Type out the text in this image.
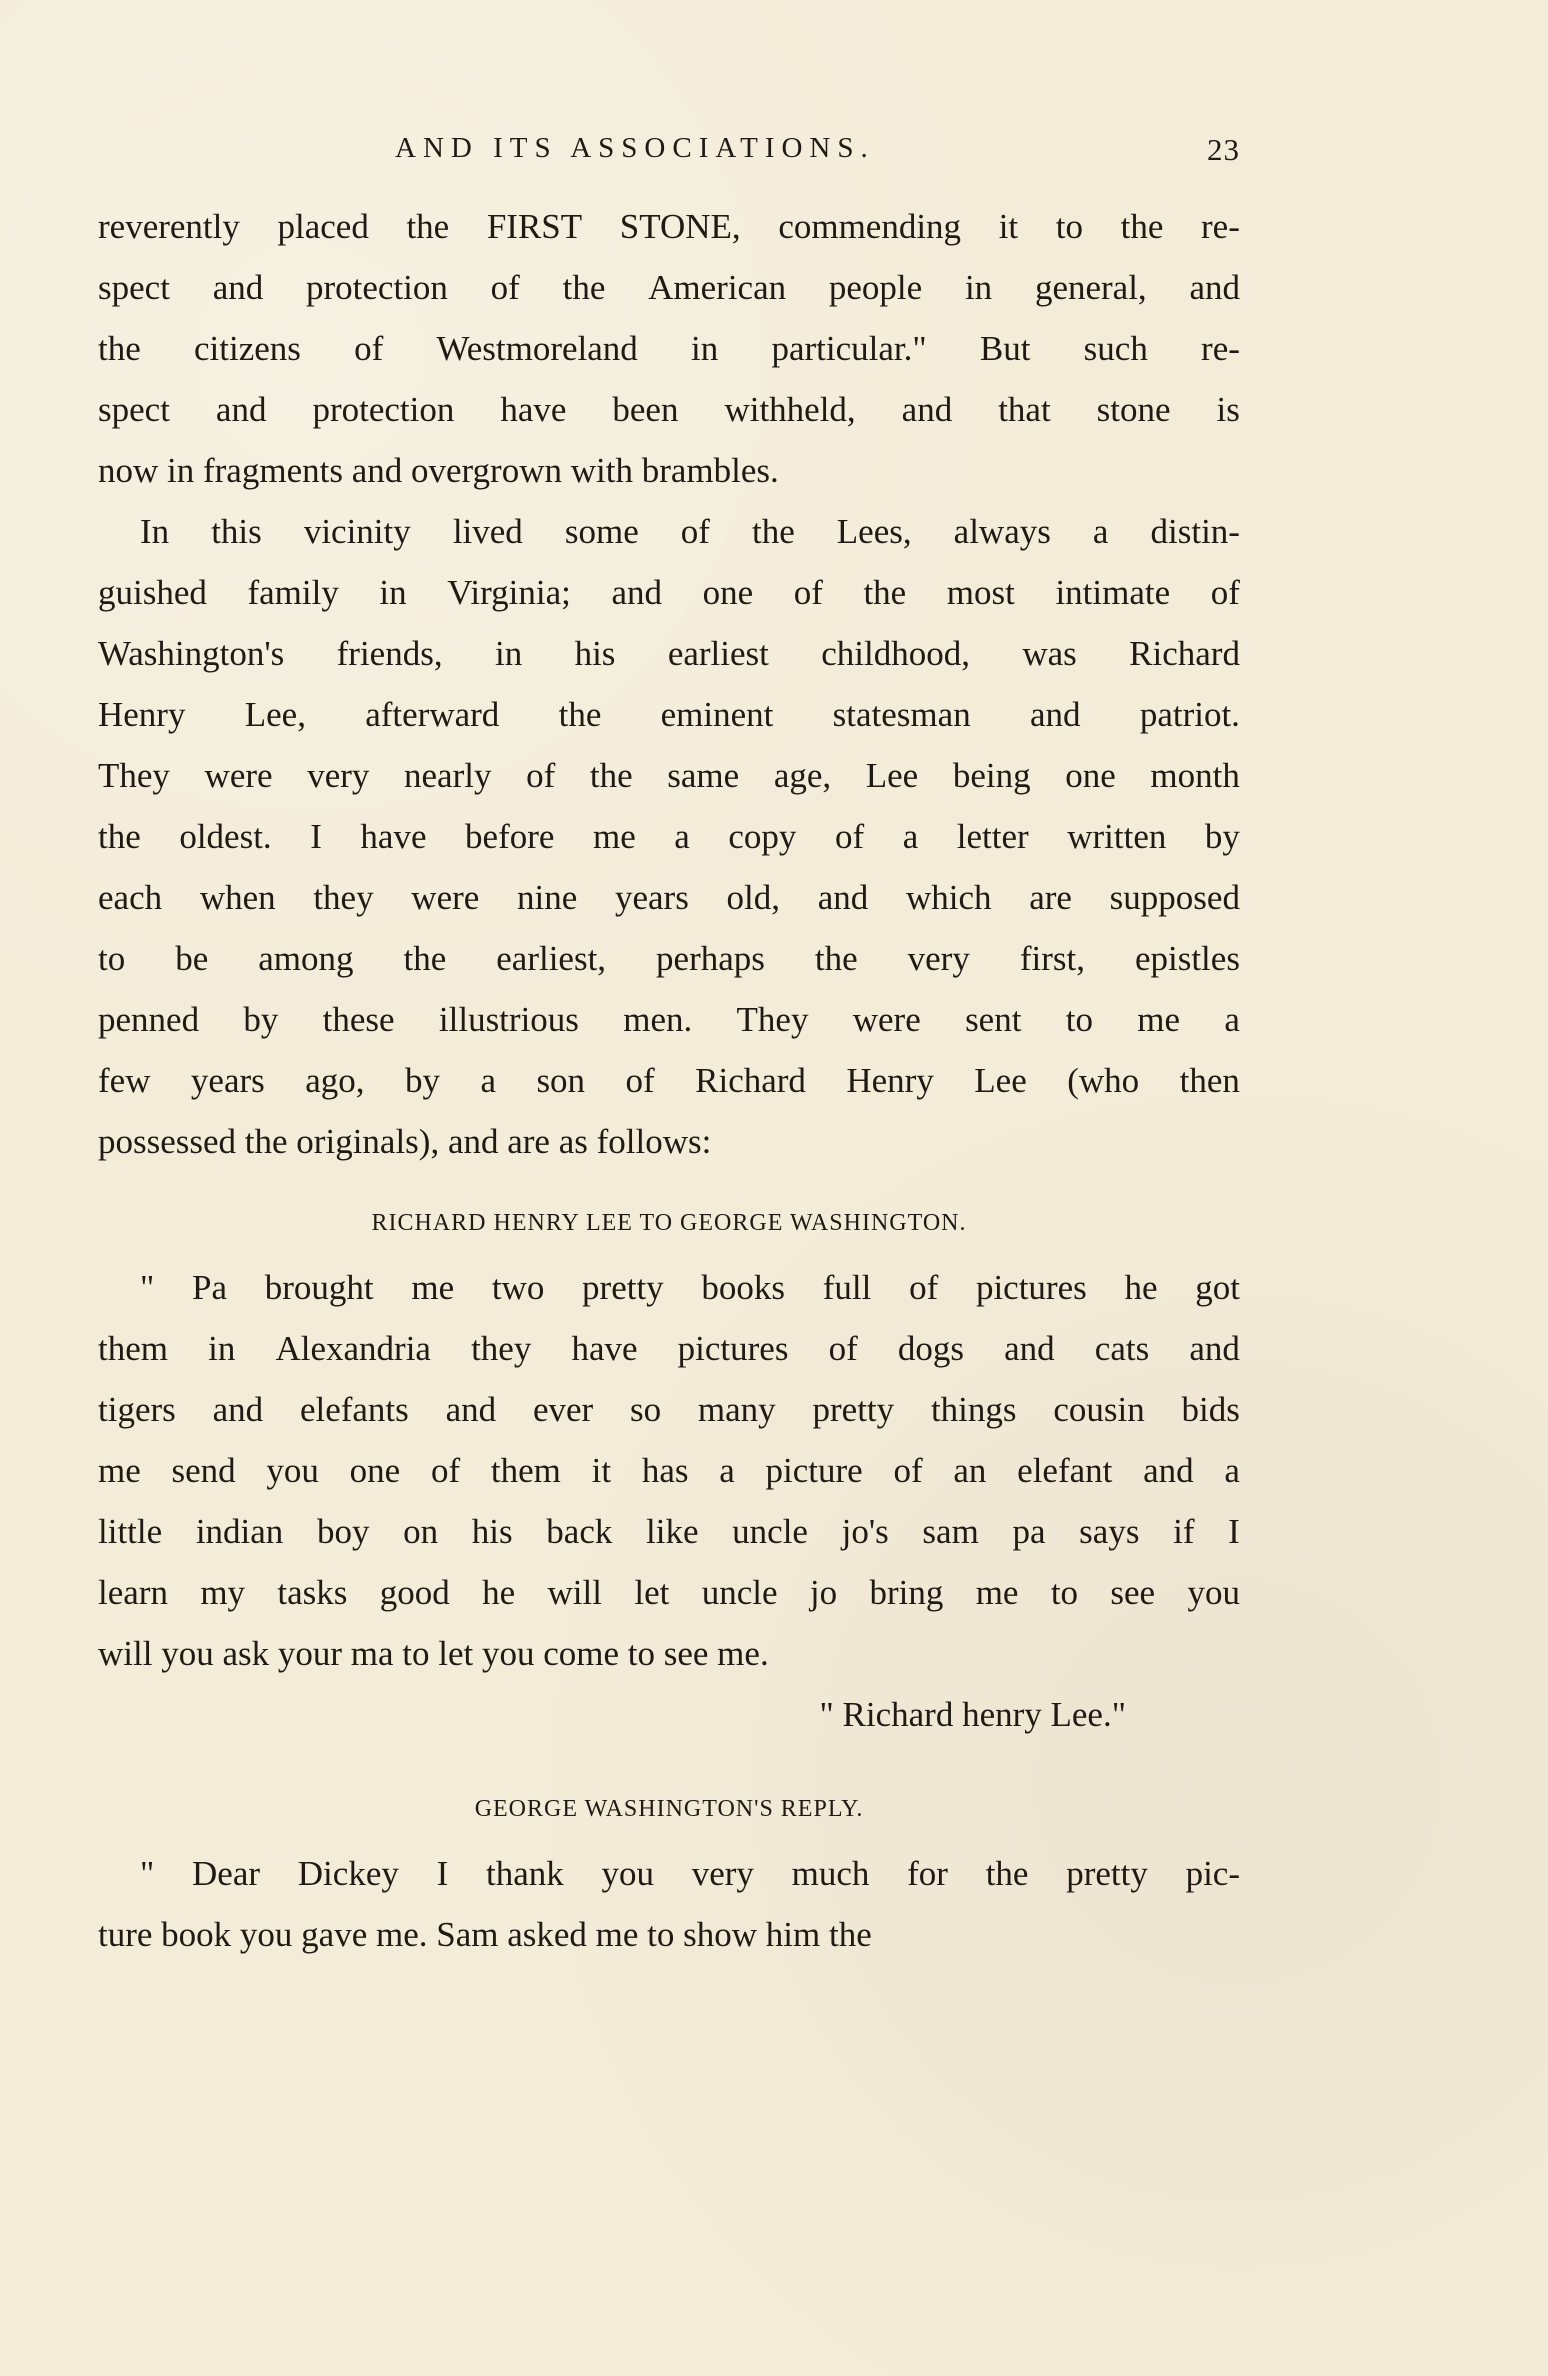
AND ITS ASSOCIATIONS.	23
reverently placed the FIRST STONE, commending it to the re-
spect and protection of the American people in general, and
the citizens of Westmoreland in particular." But such re-
spect and protection have been withheld, and that stone is
now in fragments and overgrown with brambles.
In this vicinity lived some of the Lees, always a distin-
guished family in Virginia; and one of the most intimate of
Washington's friends, in his earliest childhood, was Richard
Henry Lee, afterward the eminent statesman and patriot.
They were very nearly of the same age, Lee being one month
the oldest. I have before me a copy of a letter written by
each when they were nine years old, and which are supposed
to be among the earliest, perhaps the very first, epistles
penned by these illustrious men. They were sent to me a
few years ago, by a son of Richard Henry Lee (who then
possessed the originals), and are as follows:
RICHARD HENRY LEE TO GEORGE WASHINGTON.
" Pa brought me two pretty books full of pictures he got
them in Alexandria they have pictures of dogs and cats and
tigers and elefants and ever so many pretty things cousin bids
me send you one of them it has a picture of an elefant and a
little indian boy on his back like uncle jo's sam pa says if I
learn my tasks good he will let uncle jo bring me to see you
will you ask your ma to let you come to see me.
" Richard henry Lee."
GEORGE WASHINGTON'S REPLY.
" Dear Dickey I thank you very much for the pretty pic-
ture book you gave me. Sam asked me to show him the
